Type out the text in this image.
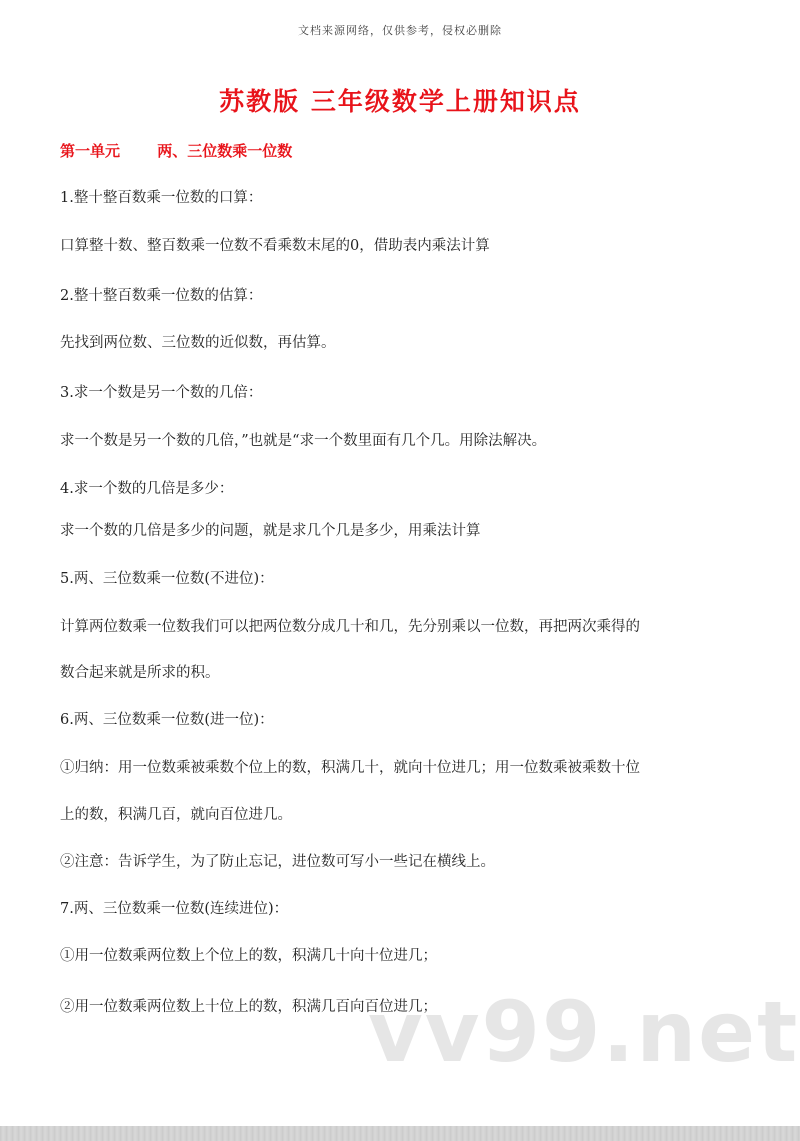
文档来源网络，仅供参考，侵权必删除
苏教版 三年级数学上册知识点
第一单元 两、三位数乘一位数
1.整十整百数乘一位数的口算：
口算整十数、整百数乘一位数不看乘数末尾的0，借助表内乘法计算
2.整十整百数乘一位数的估算：
先找到两位数、三位数的近似数，再估算。
3.求一个数是另一个数的几倍：
求一个数是另一个数的几倍，”也就是“求一个数里面有几个几。用除法解决。
4.求一个数的几倍是多少：
求一个数的几倍是多少的问题，就是求几个几是多少，用乘法计算
5.两、三位数乘一位数(不进位)：
计算两位数乘一位数我们可以把两位数分成几十和几，先分别乘以一位数，再把两次乘得的
数合起来就是所求的积。
6.两、三位数乘一位数(进一位)：
①归纳：用一位数乘被乘数个位上的数，积满几十，就向十位进几；用一位数乘被乘数十位
上的数，积满几百，就向百位进几。
②注意：告诉学生，为了防止忘记，进位数可写小一些记在横线上。
7.两、三位数乘一位数(连续进位)：
①用一位数乘两位数上个位上的数，积满几十向十位进几；
②用一位数乘两位数上十位上的数，积满几百向百位进几；
vv99.net
